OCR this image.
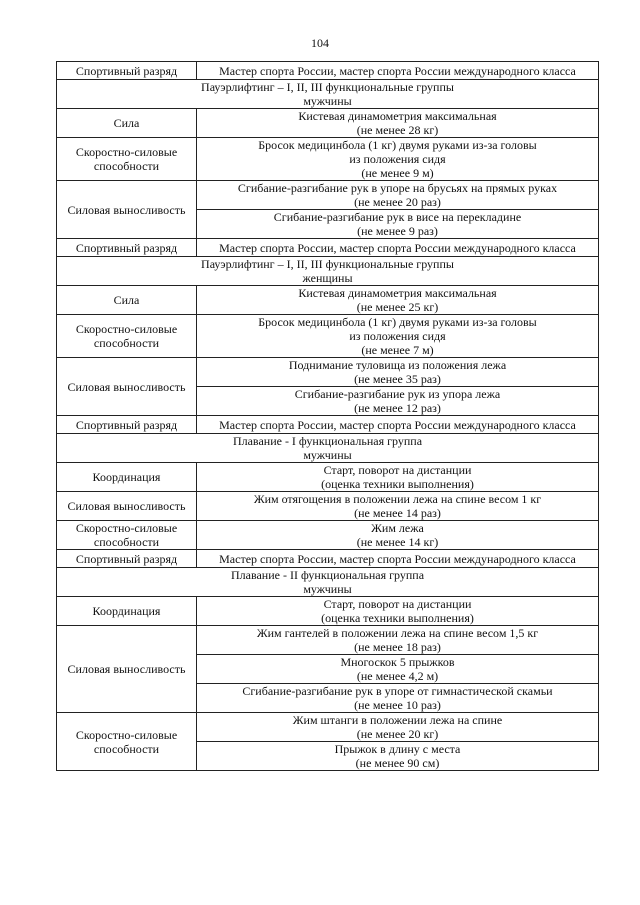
104
Спортивный разряд	Мастер спорта России, мастер спорта России международного класса

Пауэрлифтинг – I, II, III функциональные группы
мужчины	

Сила	Кистевая динамометрия максимальная
(не менее 28 кг)

Скоростно-силовые способности	Бросок медицинбола (1 кг) двумя руками из-за головы
из положения сидя
(не менее 9 м)

Силовая выносливость	Сгибание-разгибание рук в упоре на брусьях на прямых руках
(не менее 20 раз)

	Сгибание-разгибание рук в висе на перекладине
(не менее 9 раз)

Спортивный разряд	Мастер спорта России, мастер спорта России международного класса

Пауэрлифтинг – I, II, III функциональные группы
женщины	

Сила	Кистевая динамометрия максимальная
(не менее 25 кг)

Скоростно-силовые способности	Бросок медицинбола (1 кг) двумя руками из-за головы
из положения сидя
(не менее 7 м)

Силовая выносливость	Поднимание туловища из положения лежа
(не менее 35 раз)

	Сгибание-разгибание рук из упора лежа
(не менее 12 раз)

Спортивный разряд	Мастер спорта России, мастер спорта России международного класса

Плавание - I функциональная группа
мужчины	

Координация	Старт, поворот на дистанции
(оценка техники выполнения)

Силовая выносливость	Жим отягощения в положении лежа на спине весом 1 кг
(не менее 14 раз)

Скоростно-силовые способности	Жим лежа
(не менее 14 кг)

Спортивный разряд	Мастер спорта России, мастер спорта России международного класса

Плавание - II функциональная группа
мужчины	

Координация	Старт, поворот на дистанции
(оценка техники выполнения)

Силовая выносливость	Жим гантелей в положении лежа на спине весом 1,5 кг
(не менее 18 раз)

	Многоскок 5 прыжков
(не менее 4,2 м)

	Сгибание-разгибание рук в упоре от гимнастической скамьи
(не менее 10 раз)

Скоростно-силовые способности	Жим штанги в положении лежа на спине
(не менее 20 кг)

	Прыжок в длину с места
(не менее 90 см)
